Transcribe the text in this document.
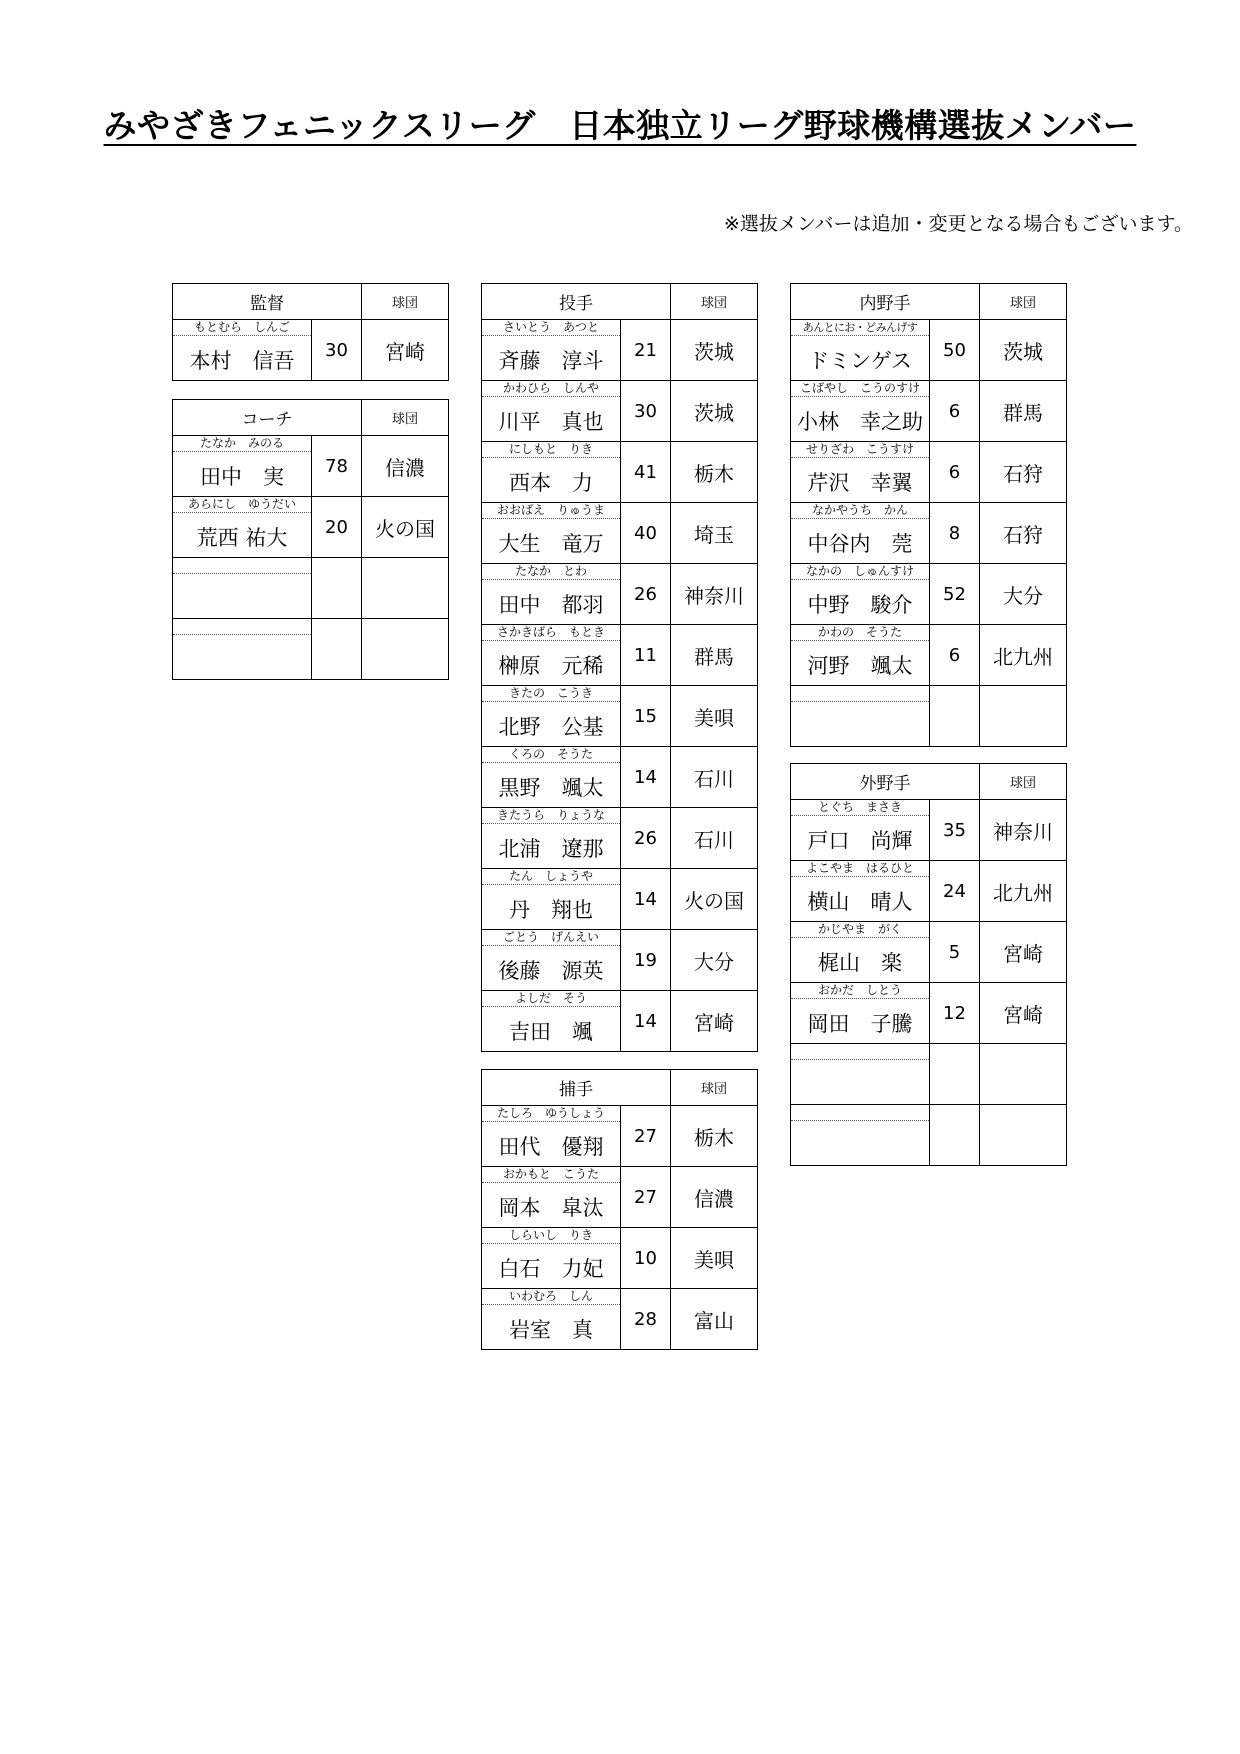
みやざきフェニックスリーグ　日本独立リーグ野球機構選抜メンバー
※選抜メンバーは追加・変更となる場合もございます。
監督		球団

もとむら　しんご
本村　信吾	30	宮崎
コーチ		球団

たなか　みのる
田中　実	78	信濃

あらにし　ゆうだい
荒西 祐大	20	火の国

投手		球団

さいとう　あつと
斉藤　淳斗	21	茨城

かわひら　しんや
川平　真也	30	茨城

にしもと　りき
西本　力	41	栃木

おおばえ　りゅうま
大生　竜万	40	埼玉

たなか　とわ
田中　都羽	26	神奈川

さかきばら　もとき
榊原　元稀	11	群馬

きたの　こうき
北野　公基	15	美唄

くろの　そうた
黒野　颯太	14	石川

きたうら　りょうな
北浦　遼那	26	石川

たん　しょうや
丹　翔也	14	火の国

ごとう　げんえい
後藤　源英	19	大分

よしだ　そう
吉田　颯	14	宮崎
捕手		球団

たしろ　ゆうしょう
田代　優翔	27	栃木

おかもと　こうた
岡本　皐汰	27	信濃

しらいし　りき
白石　力妃	10	美唄

いわむろ　しん
岩室　真	28	富山
内野手		球団

あんとにお・どみんげす
ドミンゲス	50	茨城

こばやし　こうのすけ
小林　幸之助	6	群馬

せりざわ　こうすけ
芹沢　幸翼	6	石狩

なかやうち　かん
中谷内　莞	8	石狩

なかの　しゅんすけ
中野　駿介	52	大分

かわの　そうた
河野　颯太	6	北九州

外野手		球団

とぐち　まさき
戸口　尚輝	35	神奈川

よこやま　はるひと
横山　晴人	24	北九州

かじやま　がく
梶山　楽	5	宮崎

おかだ　しとう
岡田　子騰	12	宮崎
